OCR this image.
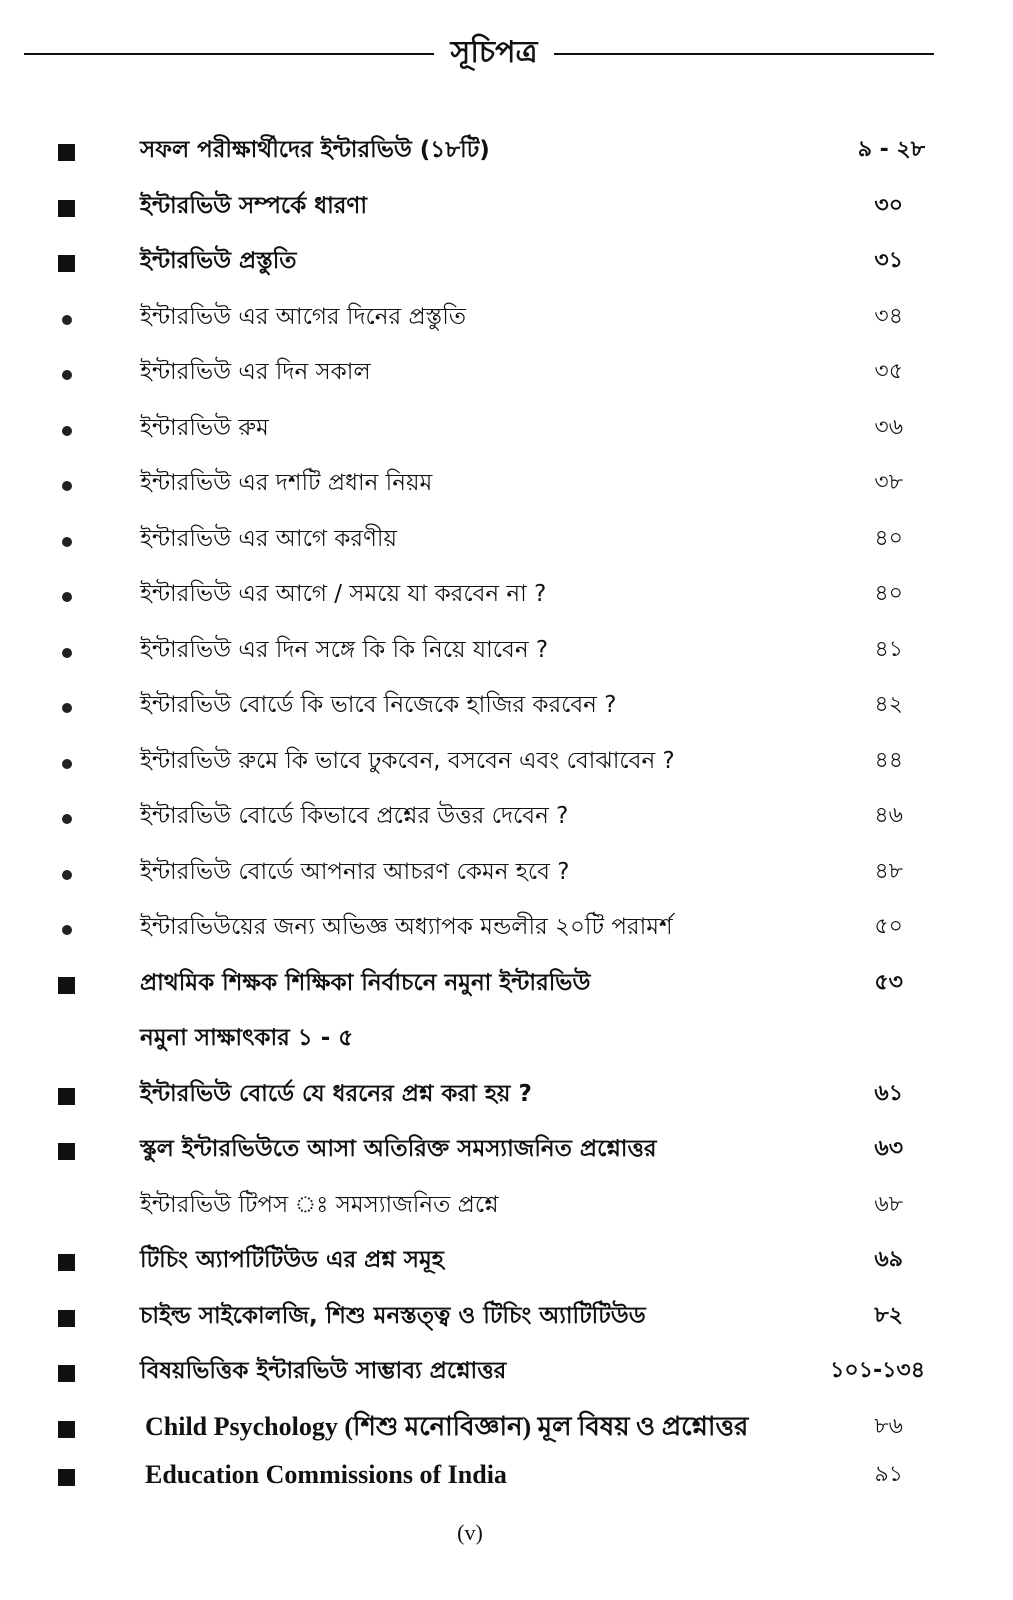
সূচিপত্র
সফল পরীক্ষার্থীদের ইন্টারভিউ (১৮টি)	৯ - ২৮
ইন্টারভিউ সম্পর্কে ধারণা	৩০
ইন্টারভিউ প্রস্তুতি	৩১
ইন্টারভিউ এর আগের দিনের প্রস্তুতি	৩৪
ইন্টারভিউ এর দিন সকাল	৩৫
ইন্টারভিউ রুম	৩৬
ইন্টারভিউ এর দশটি প্রধান নিয়ম	৩৮
ইন্টারভিউ এর আগে করণীয়	৪০
ইন্টারভিউ এর আগে / সময়ে যা করবেন না ?	৪০
ইন্টারভিউ এর দিন সঙ্গে কি কি নিয়ে যাবেন ?	৪১
ইন্টারভিউ বোর্ডে কি ভাবে নিজেকে হাজির করবেন ?	৪২
ইন্টারভিউ রুমে কি ভাবে ঢুকবেন, বসবেন এবং বোঝাবেন ?	৪৪
ইন্টারভিউ বোর্ডে কিভাবে প্রশ্নের উত্তর দেবেন ?	৪৬
ইন্টারভিউ বোর্ডে আপনার আচরণ কেমন হবে ?	৪৮
ইন্টারভিউয়ের জন্য অভিজ্ঞ অধ্যাপক মন্ডলীর ২০টি পরামর্শ	৫০
প্রাথমিক শিক্ষক শিক্ষিকা নির্বাচনে নমুনা ইন্টারভিউ	৫৩
নমুনা সাক্ষাৎকার ১ - ৫
ইন্টারভিউ বোর্ডে যে ধরনের প্রশ্ন করা হয় ?	৬১
স্কুল ইন্টারভিউতে আসা অতিরিক্ত সমস্যাজনিত প্রশ্নোত্তর	৬৩
ইন্টারভিউ টিপস ঃ সমস্যাজনিত প্রশ্নে	৬৮
টিচিং অ্যাপটিটিউড এর প্রশ্ন সমূহ	৬৯
চাইল্ড সাইকোলজি, শিশু মনস্তত্ত্ব ও টিচিং অ্যাটিটিউড	৮২
বিষয়ভিত্তিক ইন্টারভিউ সাম্ভাব্য প্রশ্নোত্তর	১০১-১৩৪
Child Psychology (শিশু মনোবিজ্ঞান) মূল বিষয় ও প্রশ্নোত্তর	৮৬
Education Commissions of India	৯১
(v)
